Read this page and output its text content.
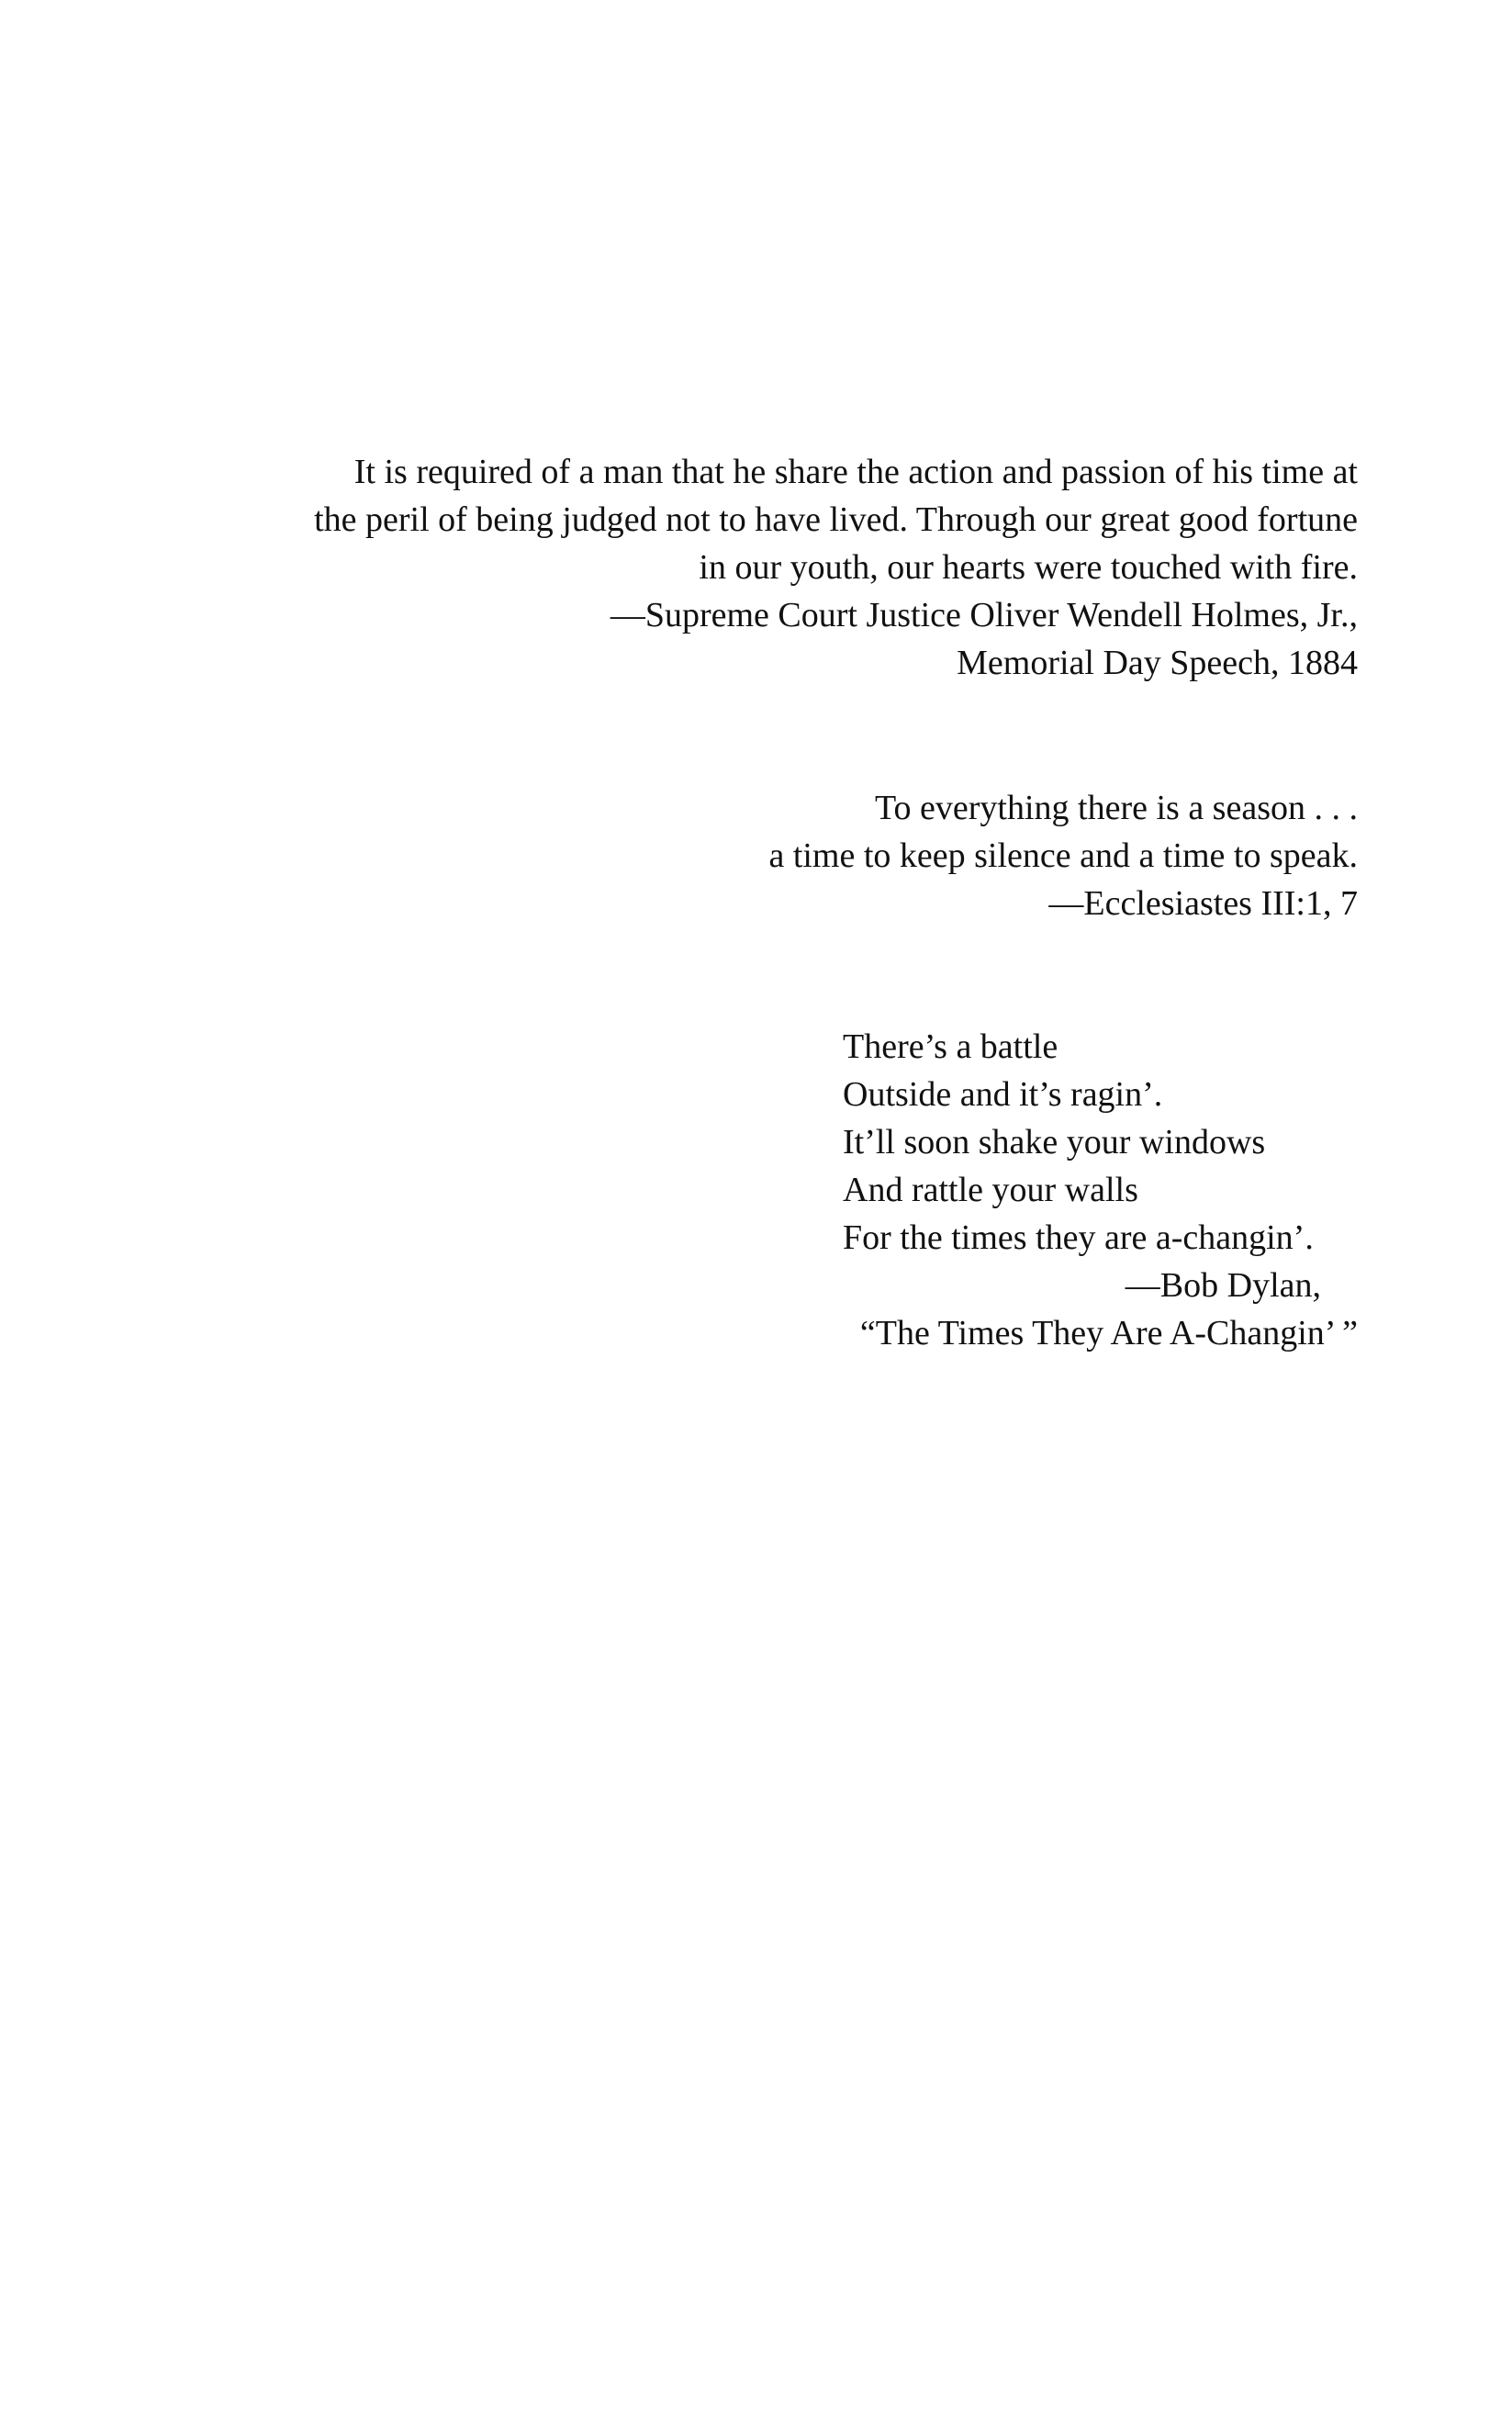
It is required of a man that he share the action and passion of his time at
the peril of being judged not to have lived. Through our great good fortune
in our youth, our hearts were touched with fire.
—Supreme Court Justice Oliver Wendell Holmes, Jr.,
Memorial Day Speech, 1884
To everything there is a season . . .
a time to keep silence and a time to speak.
—Ecclesiastes III:1, 7
There’s a battle
Outside and it’s ragin’.
It’ll soon shake your windows
And rattle your walls
For the times they are a-changin’.
—Bob Dylan,
“The Times They Are A-Changin’ ”
